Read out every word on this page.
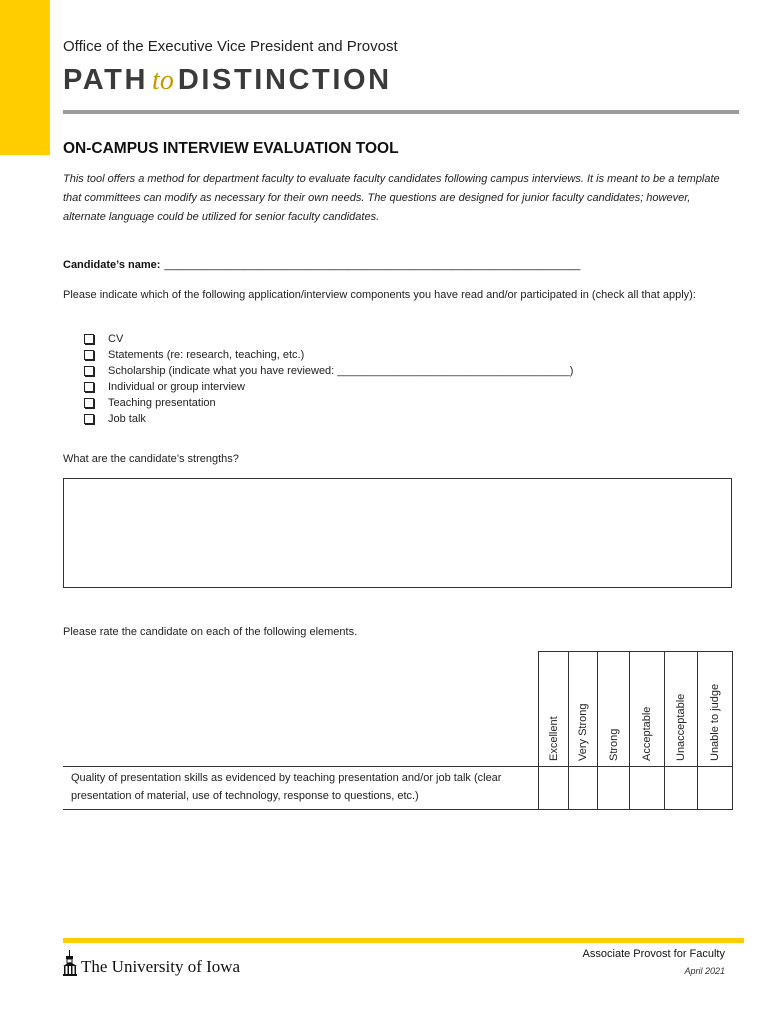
Office of the Executive Vice President and Provost
PATH to DISTINCTION
ON-CAMPUS INTERVIEW EVALUATION TOOL
This tool offers a method for department faculty to evaluate faculty candidates following campus interviews. It is meant to be a template that committees can modify as necessary for their own needs. The questions are designed for junior faculty candidates; however, alternate language could be utilized for senior faculty candidates.
Candidate’s name: ____________________________________________________________________
Please indicate which of the following application/interview components you have read and/or participated in (check all that apply):
CV
Statements (re: research, teaching, etc.)
Scholarship (indicate what you have reviewed: ______________________________________)
Individual or group interview
Teaching presentation
Job talk
What are the candidate’s strengths?
Please rate the candidate on each of the following elements.
Excellent Very Strong Strong Acceptable Unacceptable Unable to judge
Quality of presentation skills as evidenced by teaching presentation and/or job talk (clear presentation of material, use of technology, response to questions, etc.)
The University of Iowa
Associate Provost for Faculty
April 2021
